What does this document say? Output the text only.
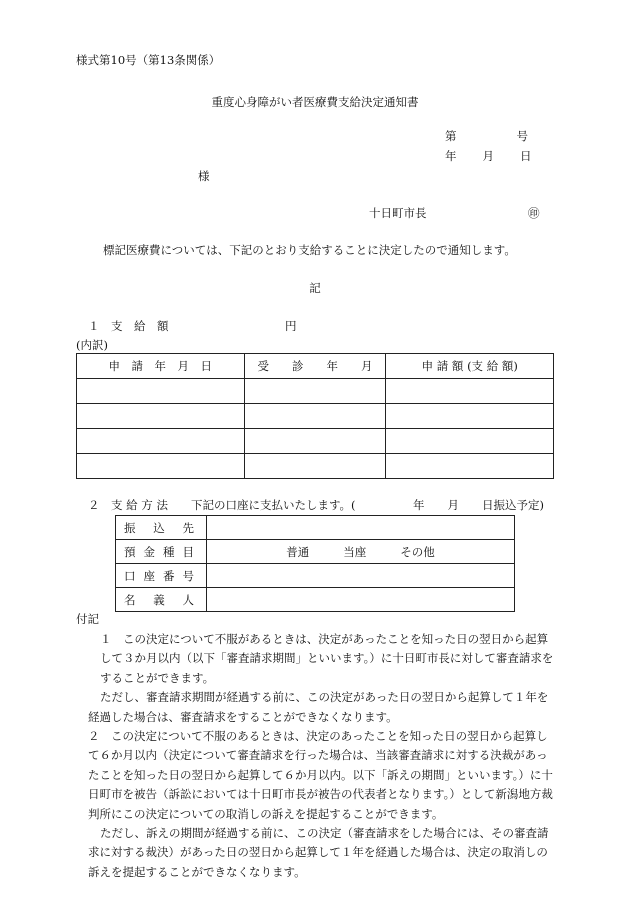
様式第10号（第13条関係）
重度心身障がい者医療費支給決定通知書
第	号
年 月 日
様
十日町市長	㊞
標記医療費については、下記のとおり支給することに決定したので通知します。
記
１　支　給　額	円
(内訳)
申　請　年　月　日	受　　診　　年　　月	申 請 額 (支 給 額)

２　支 給 方 法　　下記の口座に支払いたします。(　　　　　年　　月　　日振込予定)
振 込 先	

預 金 種 目	普通 当座 その他

口 座 番 号	

名 義 人	

付記

１　この決定について不服があるときは、決定があったことを知った日の翌日から起算して３か月以内（以下「審査請求期間」といいます。）に十日町市長に対して審査請求をすることができます。

ただし、審査請求期間が経過する前に、この決定があった日の翌日から起算して１年を経過した場合は、審査請求をすることができなくなります。

２　この決定について不服のあるときは、決定のあったことを知った日の翌日から起算して６か月以内（決定について審査請求を行った場合は、当該審査請求に対する決裁があったことを知った日の翌日から起算して６か月以内。以下「訴えの期間」といいます。）に十日町市を被告（訴訟においては十日町市長が被告の代表者となります。）として新潟地方裁判所にこの決定についての取消しの訴えを提起することができます。

ただし、訴えの期間が経過する前に、この決定（審査請求をした場合には、その審査請求に対する裁決）があった日の翌日から起算して１年を経過した場合は、決定の取消しの訴えを提起することができなくなります。
